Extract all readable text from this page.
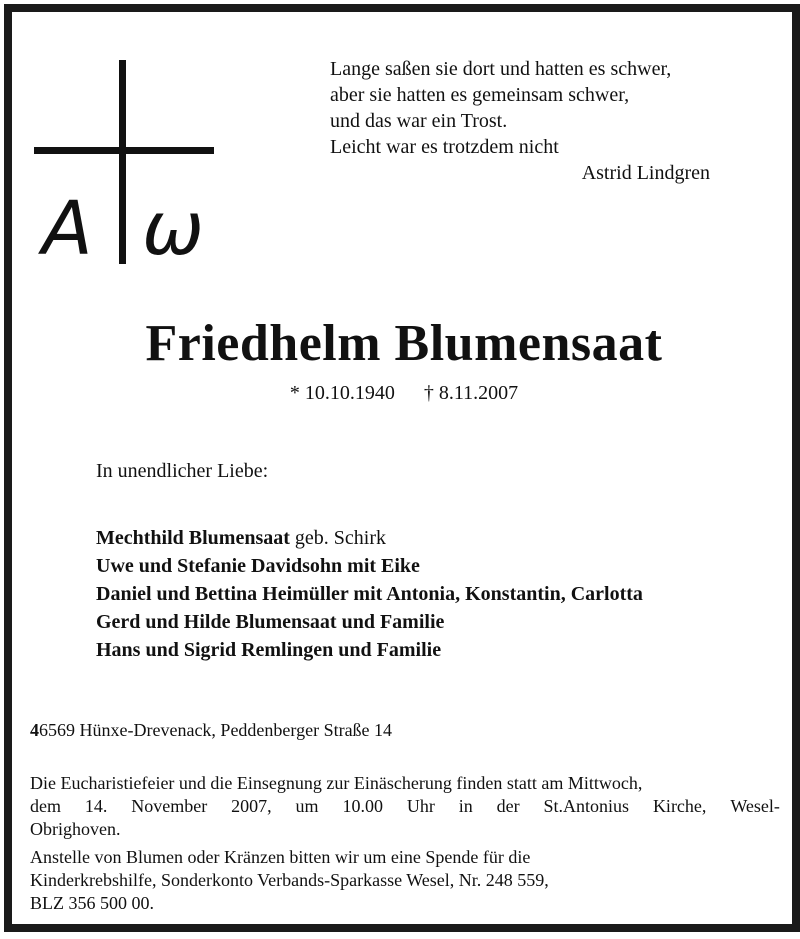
A ω
Lange saßen sie dort und hatten es schwer,
aber sie hatten es gemeinsam schwer,
und das war ein Trost.
Leicht war es trotzdem nicht
Astrid Lindgren
Friedhelm Blumensaat
* 10.10.1940 † 8.11.2007
In unendlicher Liebe:
Mechthild Blumensaat geb. Schirk
Uwe und Stefanie Davidsohn mit Eike
Daniel und Bettina Heimüller mit Antonia, Konstantin, Carlotta
Gerd und Hilde Blumensaat und Familie
Hans und Sigrid Remlingen und Familie
46569 Hünxe-Drevenack, Peddenberger Straße 14
Die Eucharistiefeier und die Einsegnung zur Einäscherung finden statt am Mittwoch,
dem 14. November 2007, um 10.00 Uhr in der St.Antonius Kirche, Wesel-
Obrighoven.
Anstelle von Blumen oder Kränzen bitten wir um eine Spende für die
Kinderkrebshilfe, Sonderkonto Verbands-Sparkasse Wesel, Nr. 248 559,
BLZ 356 500 00.
